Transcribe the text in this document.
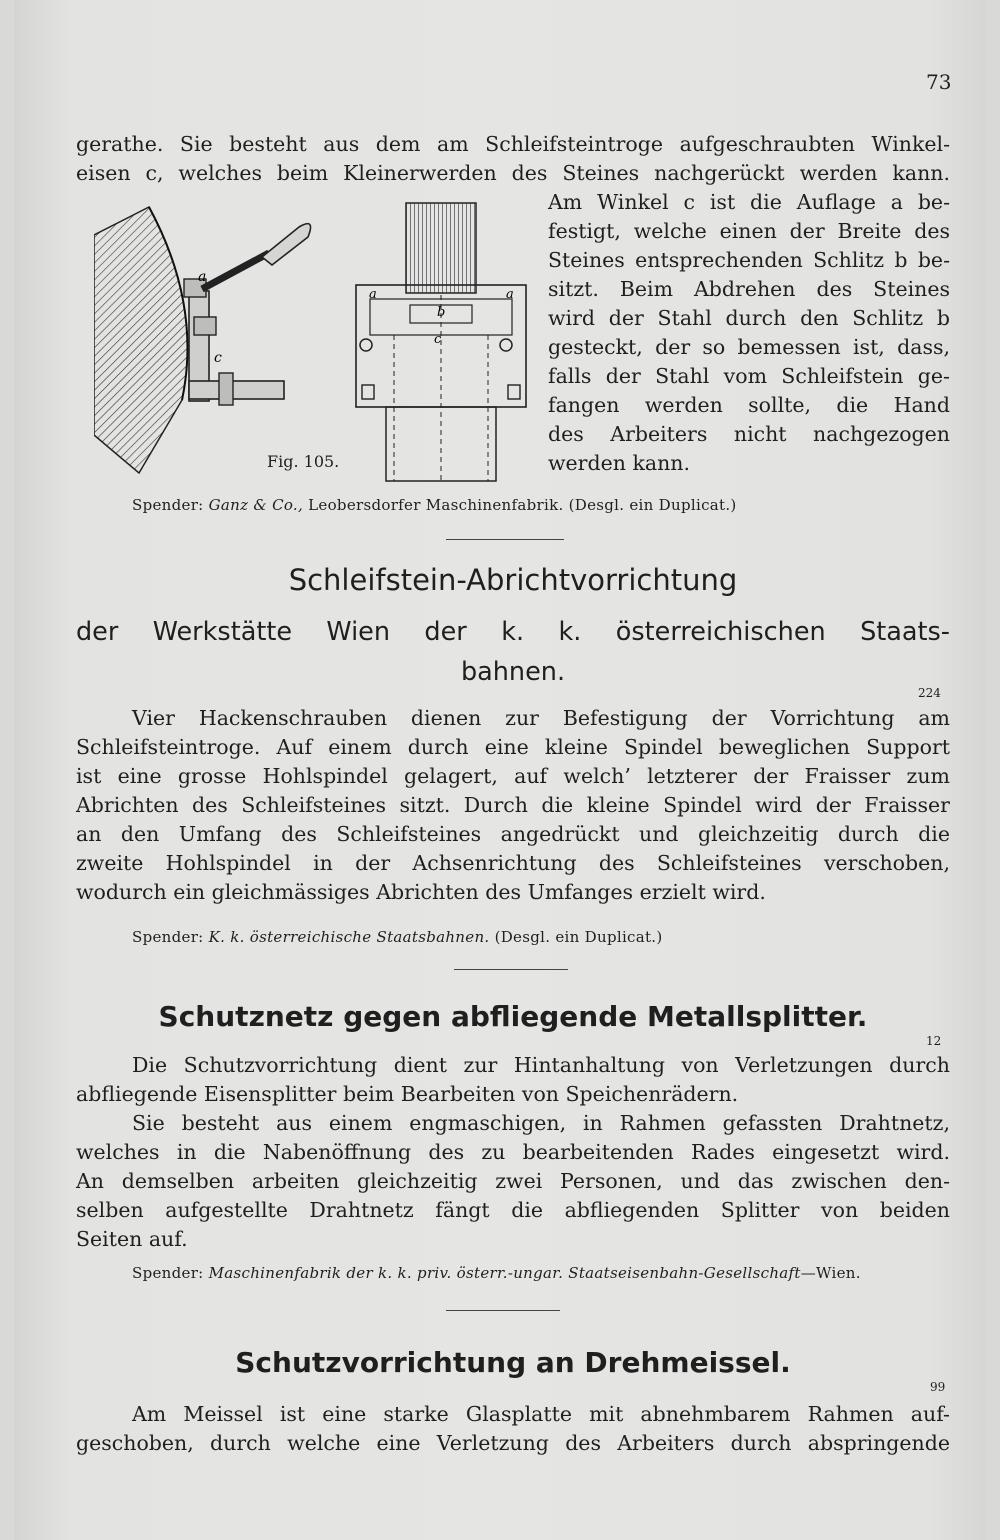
73
gerathe. Sie besteht aus dem am Schleifsteintroge aufgeschraubten Winkel-
eisen c, welches beim Kleinerwerden des Steines nachgerückt werden kann.
Am Winkel c ist die Auflage a be-
festigt, welche einen der Breite des
Steines entsprechenden Schlitz b be-
sitzt. Beim Abdrehen des Steines
wird der Stahl durch den Schlitz b
gesteckt, der so bemessen ist, dass,
falls der Stahl vom Schleifstein ge-
fangen werden sollte, die Hand
des Arbeiters nicht nachgezogen
werden kann.
a
c
a	a
b
c
Fig. 105.
Spender: Ganz & Co., Leobersdorfer Maschinenfabrik. (Desgl. ein Duplicat.)
Schleifstein-Abrichtvorrichtung
der Werkstätte Wien der k. k. österreichischen Staats-
bahnen.
224
Vier Hackenschrauben dienen zur Befestigung der Vorrichtung am
Schleifsteintroge. Auf einem durch eine kleine Spindel beweglichen Support
ist eine grosse Hohlspindel gelagert, auf welch’ letzterer der Fraisser zum
Abrichten des Schleifsteines sitzt. Durch die kleine Spindel wird der Fraisser
an den Umfang des Schleifsteines angedrückt und gleichzeitig durch die
zweite Hohlspindel in der Achsenrichtung des Schleifsteines verschoben,
wodurch ein gleichmässiges Abrichten des Umfanges erzielt wird.
Spender: K. k. österreichische Staatsbahnen. (Desgl. ein Duplicat.)
Schutznetz gegen abfliegende Metallsplitter.
12
Die Schutzvorrichtung dient zur Hintanhaltung von Verletzungen durch
abfliegende Eisensplitter beim Bearbeiten von Speichenrädern.
Sie besteht aus einem engmaschigen, in Rahmen gefassten Drahtnetz,
welches in die Nabenöffnung des zu bearbeitenden Rades eingesetzt wird.
An demselben arbeiten gleichzeitig zwei Personen, und das zwischen den-
selben aufgestellte Drahtnetz fängt die abfliegenden Splitter von beiden
Seiten auf.
Spender: Maschinenfabrik der k. k. priv. österr.-ungar. Staatseisenbahn-Gesellschaft—Wien.
Schutzvorrichtung an Drehmeissel.
99
Am Meissel ist eine starke Glasplatte mit abnehmbarem Rahmen auf-
geschoben, durch welche eine Verletzung des Arbeiters durch abspringende
